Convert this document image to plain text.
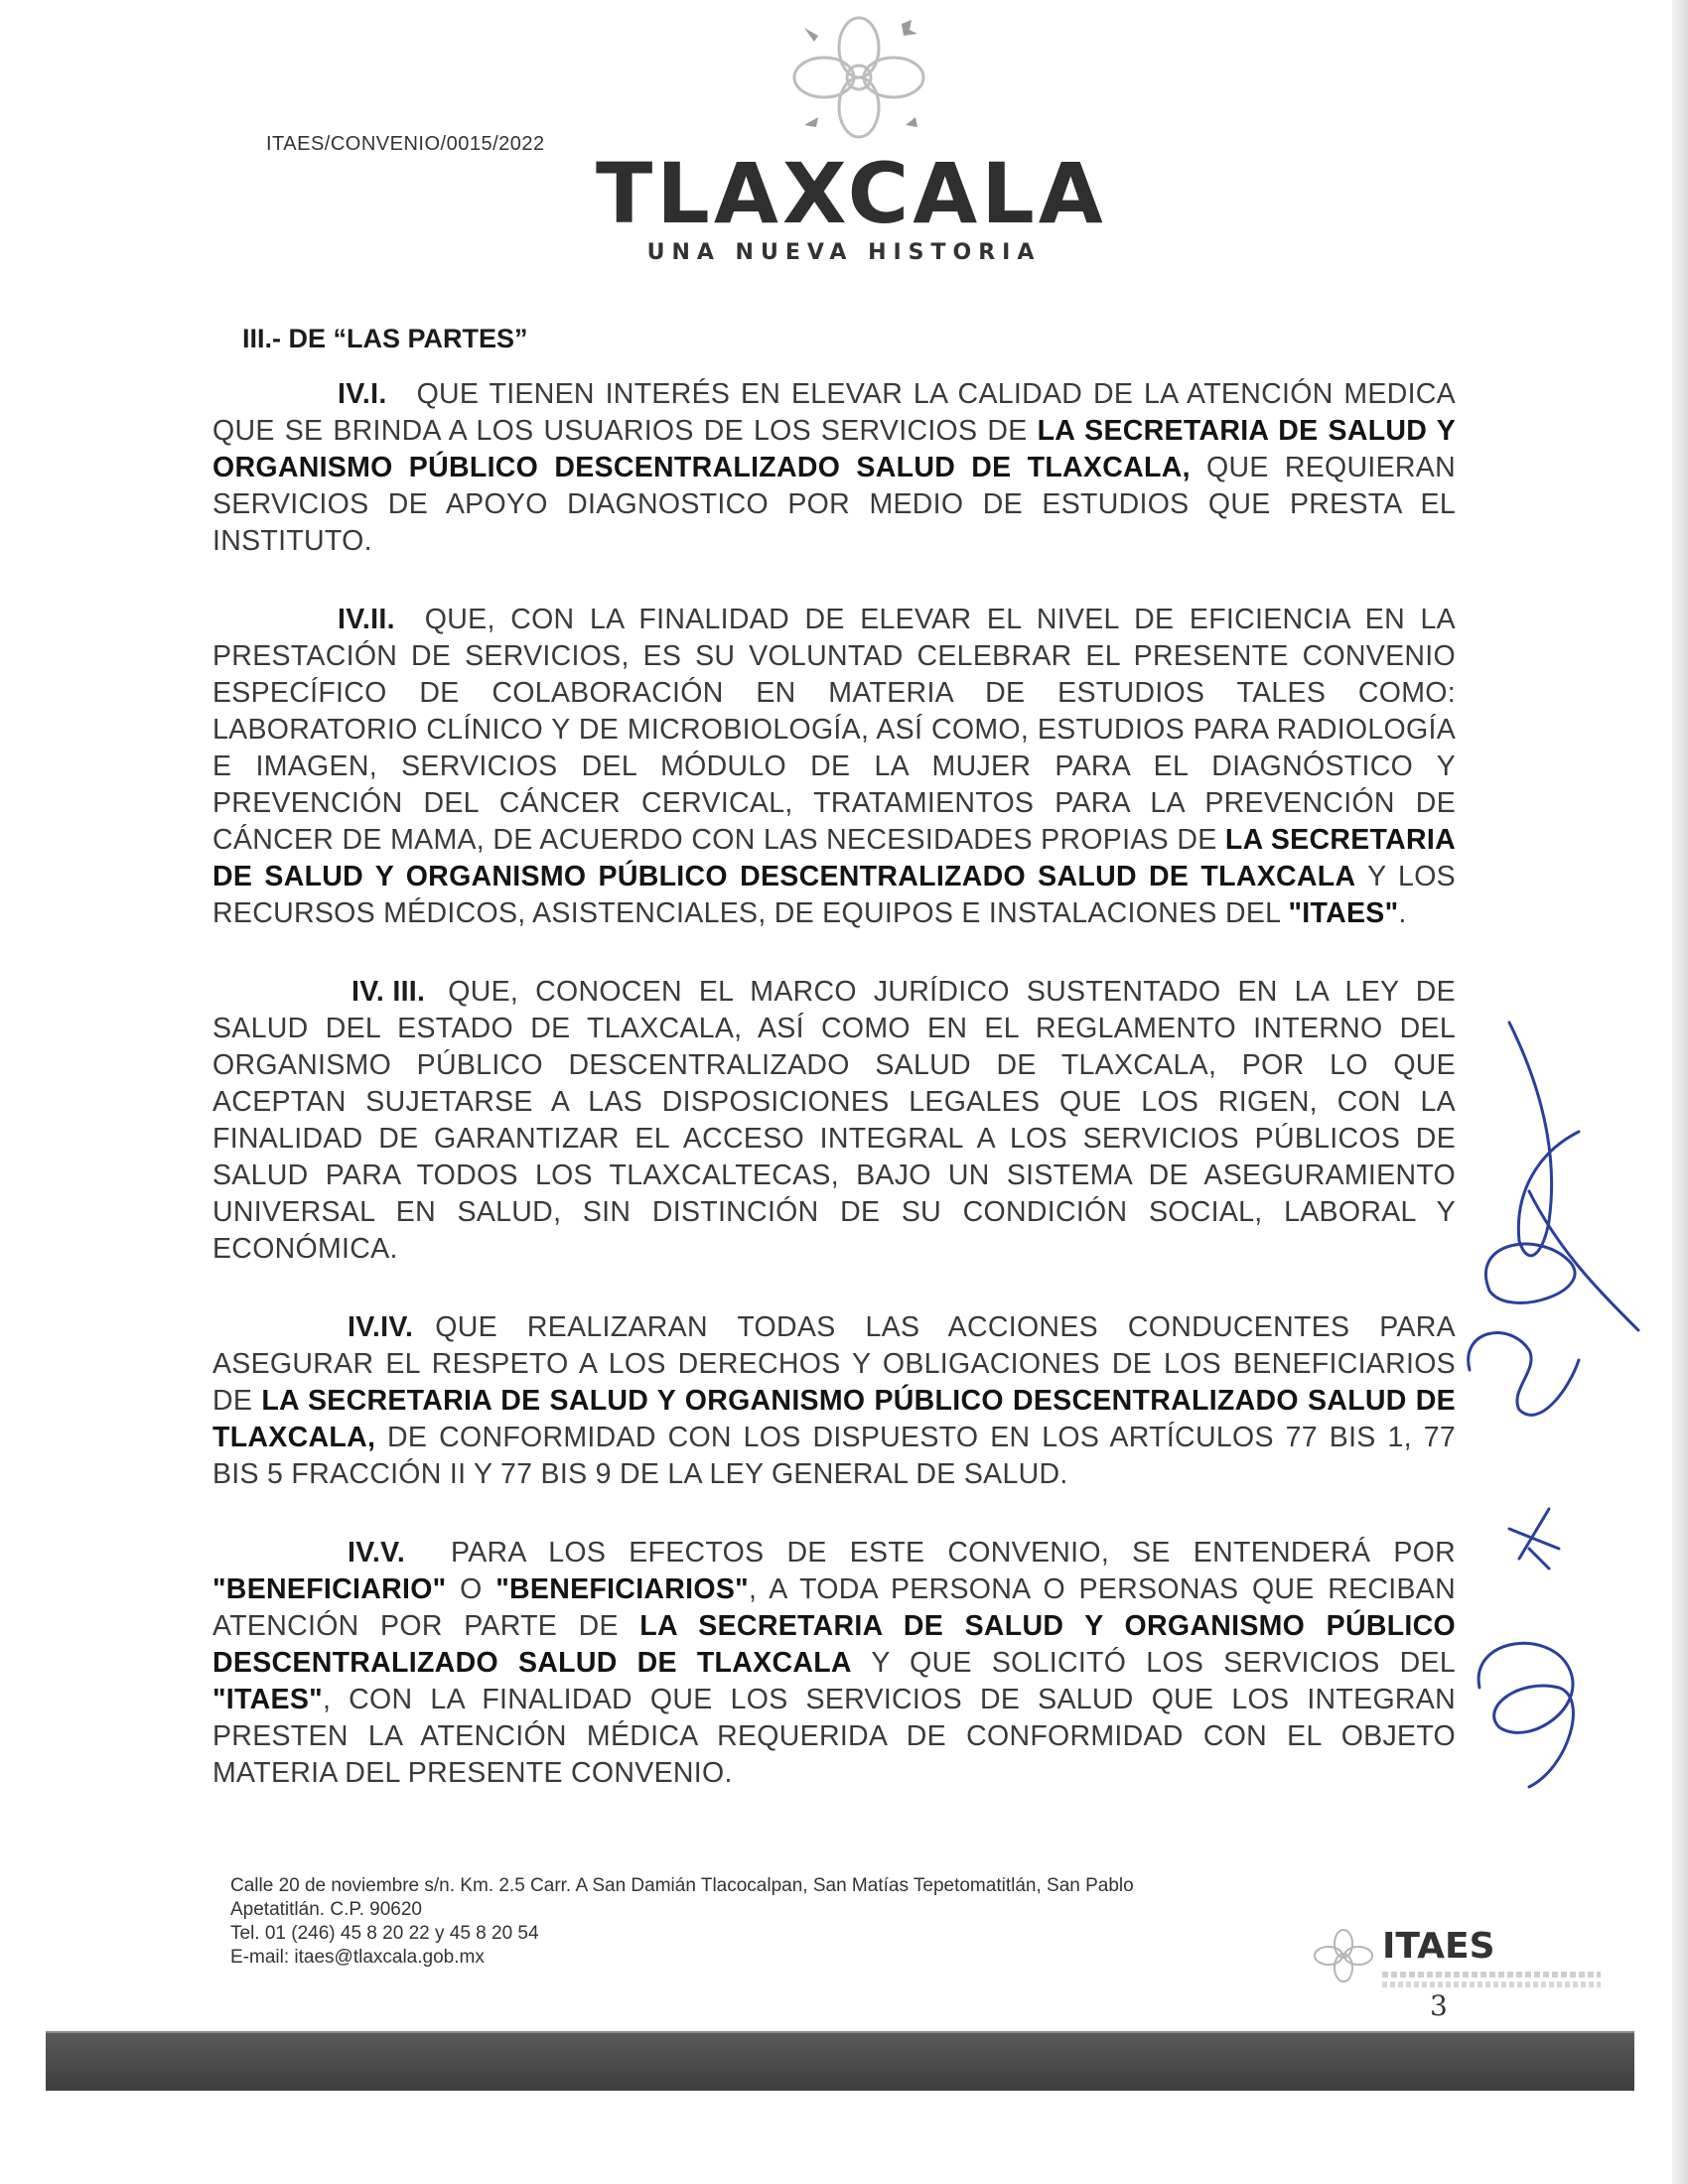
ITAES/CONVENIO/0015/2022
TLAXCALA
UNA NUEVA HISTORIA
III.- DE “LAS PARTES”

IV.I. QUE TIENEN INTERÉS EN ELEVAR LA CALIDAD DE LA ATENCIÓN MEDICA QUE SE BRINDA A LOS USUARIOS DE LOS SERVICIOS DE LA SECRETARIA DE SALUD Y ORGANISMO PÚBLICO DESCENTRALIZADO SALUD DE TLAXCALA, QUE REQUIERAN SERVICIOS DE APOYO DIAGNOSTICO POR MEDIO DE ESTUDIOS QUE PRESTA EL INSTITUTO.

IV.II. QUE, CON LA FINALIDAD DE ELEVAR EL NIVEL DE EFICIENCIA EN LA PRESTACIÓN DE SERVICIOS, ES SU VOLUNTAD CELEBRAR EL PRESENTE CONVENIO ESPECÍFICO DE COLABORACIÓN EN MATERIA DE ESTUDIOS TALES COMO: LABORATORIO CLÍNICO Y DE MICROBIOLOGÍA, ASÍ COMO, ESTUDIOS PARA RADIOLOGÍA E IMAGEN, SERVICIOS DEL MÓDULO DE LA MUJER PARA EL DIAGNÓSTICO Y PREVENCIÓN DEL CÁNCER CERVICAL, TRATAMIENTOS PARA LA PREVENCIÓN DE CÁNCER DE MAMA, DE ACUERDO CON LAS NECESIDADES PROPIAS DE LA SECRETARIA DE SALUD Y ORGANISMO PÚBLICO DESCENTRALIZADO SALUD DE TLAXCALA Y LOS RECURSOS MÉDICOS, ASISTENCIALES, DE EQUIPOS E INSTALACIONES DEL "ITAES".

IV. III. QUE, CONOCEN EL MARCO JURÍDICO SUSTENTADO EN LA LEY DE SALUD DEL ESTADO DE TLAXCALA, ASÍ COMO EN EL REGLAMENTO INTERNO DEL ORGANISMO PÚBLICO DESCENTRALIZADO SALUD DE TLAXCALA, POR LO QUE ACEPTAN SUJETARSE A LAS DISPOSICIONES LEGALES QUE LOS RIGEN, CON LA FINALIDAD DE GARANTIZAR EL ACCESO INTEGRAL A LOS SERVICIOS PÚBLICOS DE SALUD PARA TODOS LOS TLAXCALTECAS, BAJO UN SISTEMA DE ASEGURAMIENTO UNIVERSAL EN SALUD, SIN DISTINCIÓN DE SU CONDICIÓN SOCIAL, LABORAL Y ECONÓMICA.

IV.IV. QUE REALIZARAN TODAS LAS ACCIONES CONDUCENTES PARA ASEGURAR EL RESPETO A LOS DERECHOS Y OBLIGACIONES DE LOS BENEFICIARIOS DE LA SECRETARIA DE SALUD Y ORGANISMO PÚBLICO DESCENTRALIZADO SALUD DE TLAXCALA, DE CONFORMIDAD CON LOS DISPUESTO EN LOS ARTÍCULOS 77 BIS 1, 77 BIS 5 FRACCIÓN II Y 77 BIS 9 DE LA LEY GENERAL DE SALUD.

IV.V. PARA LOS EFECTOS DE ESTE CONVENIO, SE ENTENDERÁ POR "BENEFICIARIO" O "BENEFICIARIOS", A TODA PERSONA O PERSONAS QUE RECIBAN ATENCIÓN POR PARTE DE LA SECRETARIA DE SALUD Y ORGANISMO PÚBLICO DESCENTRALIZADO SALUD DE TLAXCALA Y QUE SOLICITÓ LOS SERVICIOS DEL "ITAES", CON LA FINALIDAD QUE LOS SERVICIOS DE SALUD QUE LOS INTEGRAN PRESTEN LA ATENCIÓN MÉDICA REQUERIDA DE CONFORMIDAD CON EL OBJETO MATERIA DEL PRESENTE CONVENIO.

Calle 20 de noviembre s/n. Km. 2.5 Carr. A San Damián Tlacocalpan, San Matías Tepetomatitlán, San Pablo
Apetatitlán. C.P. 90620
Tel. 01 (246) 45 8 20 22 y 45 8 20 54
E-mail: itaes@tlaxcala.gob.mx	ITAES
3
